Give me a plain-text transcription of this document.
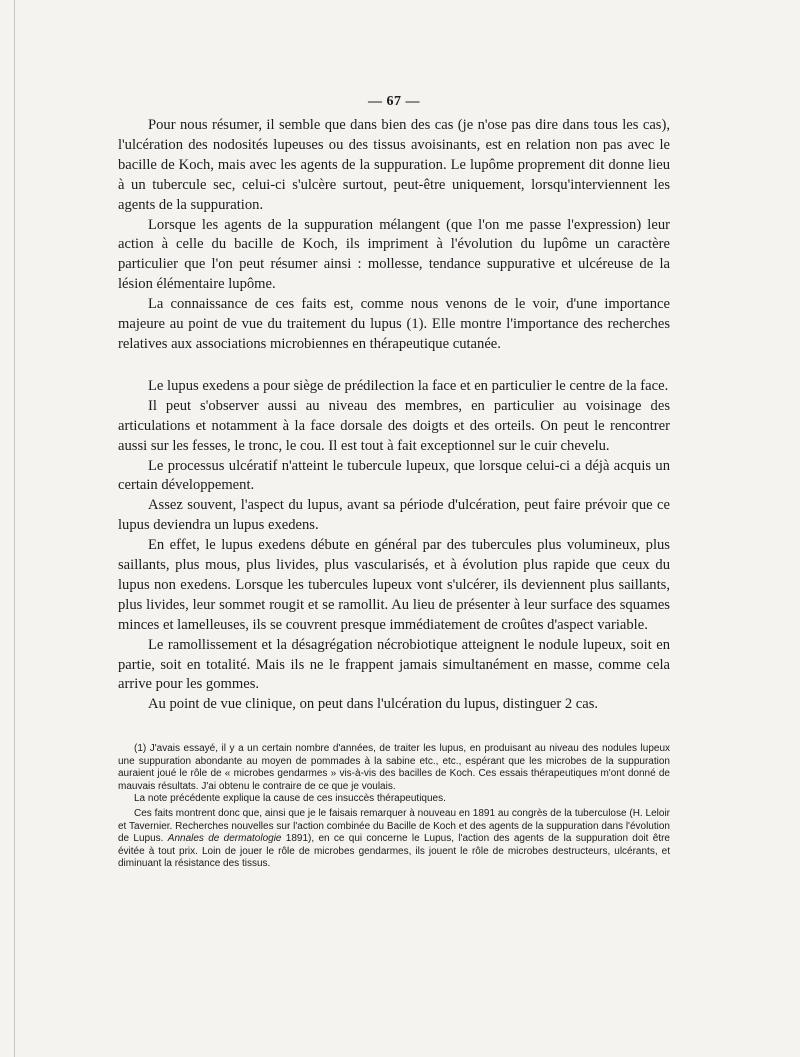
— 67 —

Pour nous résumer, il semble que dans bien des cas (je n'ose pas dire dans tous les cas), l'ulcération des nodosités lupeuses ou des tissus avoisinants, est en relation non pas avec le bacille de Koch, mais avec les agents de la suppuration. Le lupôme proprement dit donne lieu à un tubercule sec, celui-ci s'ulcère surtout, peut-être uniquement, lorsqu'interviennent les agents de la suppuration.

Lorsque les agents de la suppuration mélangent (que l'on me passe l'expression) leur action à celle du bacille de Koch, ils impriment à l'évolution du lupôme un caractère particulier que l'on peut résumer ainsi : mollesse, tendance suppurative et ulcéreuse de la lésion élémentaire lupôme.

La connaissance de ces faits est, comme nous venons de le voir, d'une importance majeure au point de vue du traitement du lupus (1). Elle montre l'importance des recherches relatives aux associations microbiennes en thérapeutique cutanée.

Le lupus exedens a pour siège de prédilection la face et en particulier le centre de la face.

Il peut s'observer aussi au niveau des membres, en particulier au voisinage des articulations et notamment à la face dorsale des doigts et des orteils. On peut le rencontrer aussi sur les fesses, le tronc, le cou. Il est tout à fait exceptionnel sur le cuir chevelu.

Le processus ulcératif n'atteint le tubercule lupeux, que lorsque celui-ci a déjà acquis un certain développement.

Assez souvent, l'aspect du lupus, avant sa période d'ulcération, peut faire prévoir que ce lupus deviendra un lupus exedens.

En effet, le lupus exedens débute en général par des tubercules plus volumineux, plus saillants, plus mous, plus livides, plus vascularisés, et à évolution plus rapide que ceux du lupus non exedens. Lorsque les tubercules lupeux vont s'ulcérer, ils deviennent plus saillants, plus livides, leur sommet rougit et se ramollit. Au lieu de présenter à leur surface des squames minces et lamelleuses, ils se couvrent presque immédiatement de croûtes d'aspect variable.

Le ramollissement et la désagrégation nécrobiotique atteignent le nodule lupeux, soit en partie, soit en totalité. Mais ils ne le frappent jamais simultanément en masse, comme cela arrive pour les gommes.

Au point de vue clinique, on peut dans l'ulcération du lupus, distinguer 2 cas.

(1) J'avais essayé, il y a un certain nombre d'années, de traiter les lupus, en produisant au niveau des nodules lupeux une suppuration abondante au moyen de pommades à la sabine etc., etc., espérant que les microbes de la suppuration auraient joué le rôle de « microbes gendarmes » vis-à-vis des bacilles de Koch. Ces essais thérapeutiques m'ont donné de mauvais résultats. J'ai obtenu le contraire de ce que je voulais.

La note précédente explique la cause de ces insuccès thérapeutiques.

Ces faits montrent donc que, ainsi que je le faisais remarquer à nouveau en 1891 au congrès de la tuberculose (H. Leloir et Tavernier. Recherches nouvelles sur l'action combinée du Bacille de Koch et des agents de la suppuration dans l'évolution de Lupus. Annales de dermatologie 1891), en ce qui concerne le Lupus, l'action des agents de la suppuration doit être évitée à tout prix. Loin de jouer le rôle de microbes gendarmes, ils jouent le rôle de microbes destructeurs, ulcérants, et diminuant la résistance des tissus.
